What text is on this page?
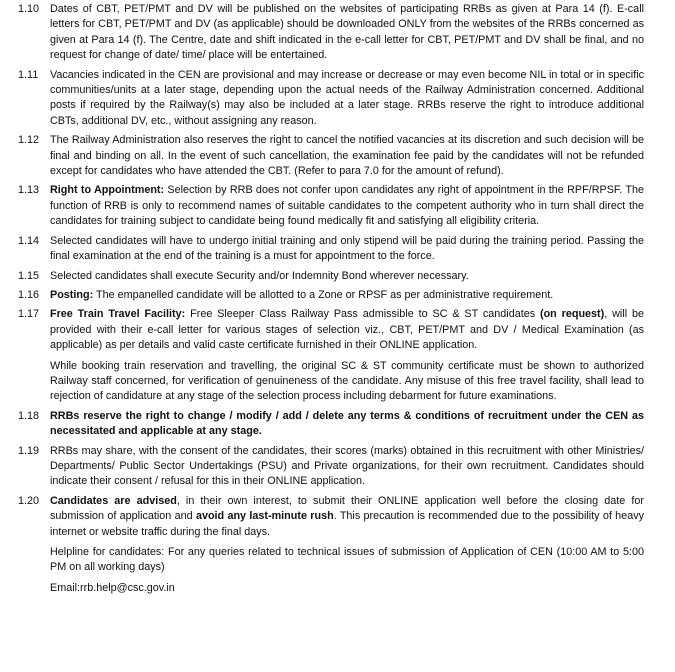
1.10	Dates of CBT, PET/PMT and DV will be published on the websites of participating RRBs as given at Para 14 (f). E-call letters for CBT, PET/PMT and DV (as applicable) should be downloaded ONLY from the websites of the RRBs concerned as given at Para 14 (f). The Centre, date and shift indicated in the e-call letter for CBT, PET/PMT and DV shall be final, and no request for change of date/ time/ place will be entertained.

1.11	Vacancies indicated in the CEN are provisional and may increase or decrease or may even become NIL in total or in specific communities/units at a later stage, depending upon the actual needs of the Railway Administration concerned. Additional posts if required by the Railway(s) may also be included at a later stage. RRBs reserve the right to introduce additional CBTs, additional DV, etc., without assigning any reason.

1.12	The Railway Administration also reserves the right to cancel the notified vacancies at its discretion and such decision will be final and binding on all. In the event of such cancellation, the examination fee paid by the candidates will not be refunded except for candidates who have attended the CBT. (Refer to para 7.0 for the amount of refund).

1.13	Right to Appointment: Selection by RRB does not confer upon candidates any right of appointment in the RPF/RPSF. The function of RRB is only to recommend names of suitable candidates to the competent authority who in turn shall direct the candidates for training subject to candidate being found medically fit and satisfying all eligibility criteria.

1.14	Selected candidates will have to undergo initial training and only stipend will be paid during the training period. Passing the final examination at the end of the training is a must for appointment to the force.

1.15	Selected candidates shall execute Security and/or Indemnity Bond wherever necessary.

1.16	Posting: The empanelled candidate will be allotted to a Zone or RPSF as per administrative requirement.

1.17	Free Train Travel Facility: Free Sleeper Class Railway Pass admissible to SC & ST candidates (on request), will be provided with their e-call letter for various stages of selection viz., CBT, PET/PMT and DV / Medical Examination (as applicable) as per details and valid caste certificate furnished in their ONLINE application.

While booking train reservation and travelling, the original SC & ST community certificate must be shown to authorized Railway staff concerned, for verification of genuineness of the candidate. Any misuse of this free travel facility, shall lead to rejection of candidature at any stage of the selection process including debarment for future examinations.

1.18	RRBs reserve the right to change / modify / add / delete any terms & conditions of recruitment under the CEN as necessitated and applicable at any stage.

1.19	RRBs may share, with the consent of the candidates, their scores (marks) obtained in this recruitment with other Ministries/ Departments/ Public Sector Undertakings (PSU) and Private organizations, for their own recruitment. Candidates should indicate their consent / refusal for this in their ONLINE application.

1.20	Candidates are advised, in their own interest, to submit their ONLINE application well before the closing date for submission of application and avoid any last-minute rush. This precaution is recommended due to the possibility of heavy internet or website traffic during the final days.

Helpline for candidates: For any queries related to technical issues of submission of Application of CEN (10:00 AM to 5:00 PM on all working days)

Email:rrb.help@csc.gov.in
